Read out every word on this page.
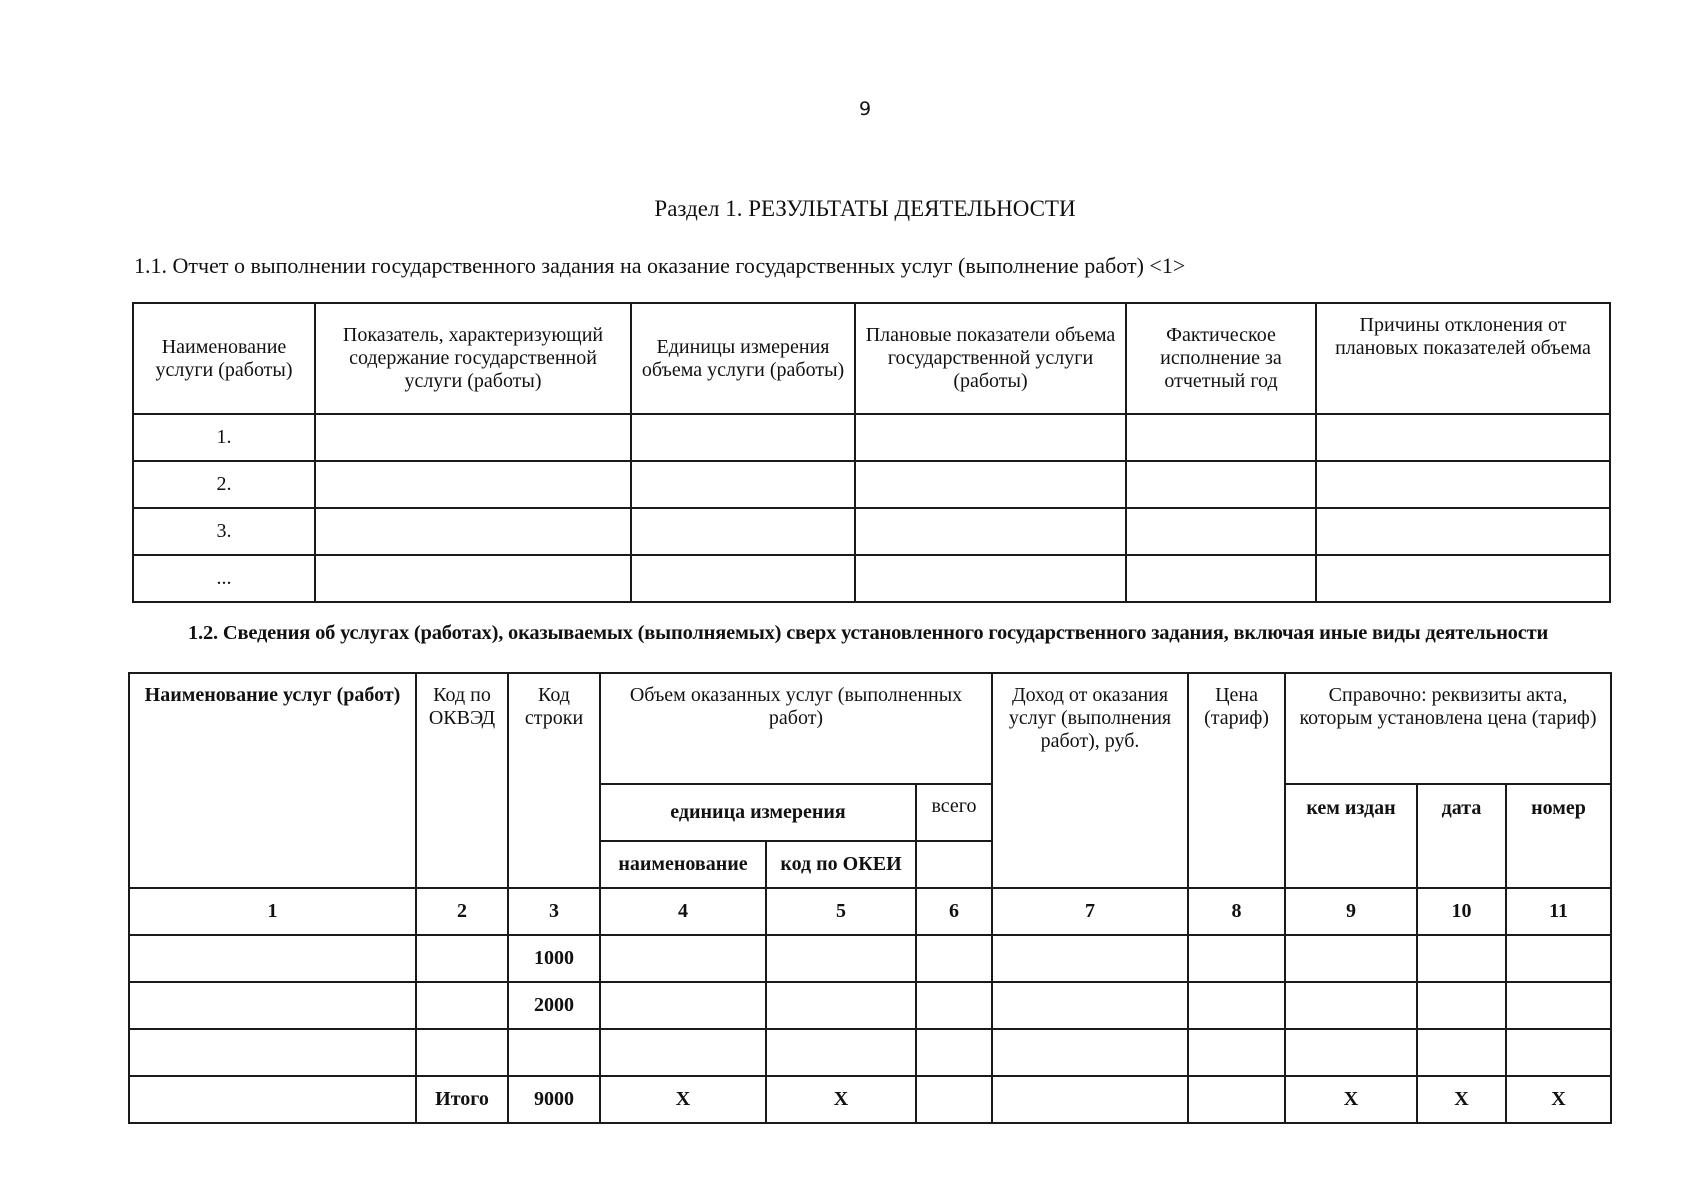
9
Раздел 1. РЕЗУЛЬТАТЫ ДЕЯТЕЛЬНОСТИ
1.1. Отчет о выполнении государственного задания на оказание государственных услуг (выполнение работ) <1>
Наименование услуги (работы)	Показатель, характеризующий содержание государственной услуги (работы)	Единицы измерения объема услуги (работы)	Плановые показатели объема государственной услуги (работы)	Фактическое исполнение за отчетный год	Причины отклонения от плановых показателей объема
1.					
2.					
3.					
...					
1.2. Сведения об услугах (работах), оказываемых (выполняемых) сверх установленного государственного задания, включая иные виды деятельности
Наименование услуг (работ)	Код по ОКВЭД	Код строки	Объем оказанных услуг (выполненных работ)			Доход от оказания услуг (выполнения работ), руб.	Цена (тариф)	Справочно: реквизиты акта, которым установлена цена (тариф)		
			единица измерения		всего			кем издан	дата	номер
			наименование	код по ОКЕИ						
1	2	3	4	5	6	7	8	9	10	11
		1000								
		2000								

	Итого	9000	X	X				X	X	X
